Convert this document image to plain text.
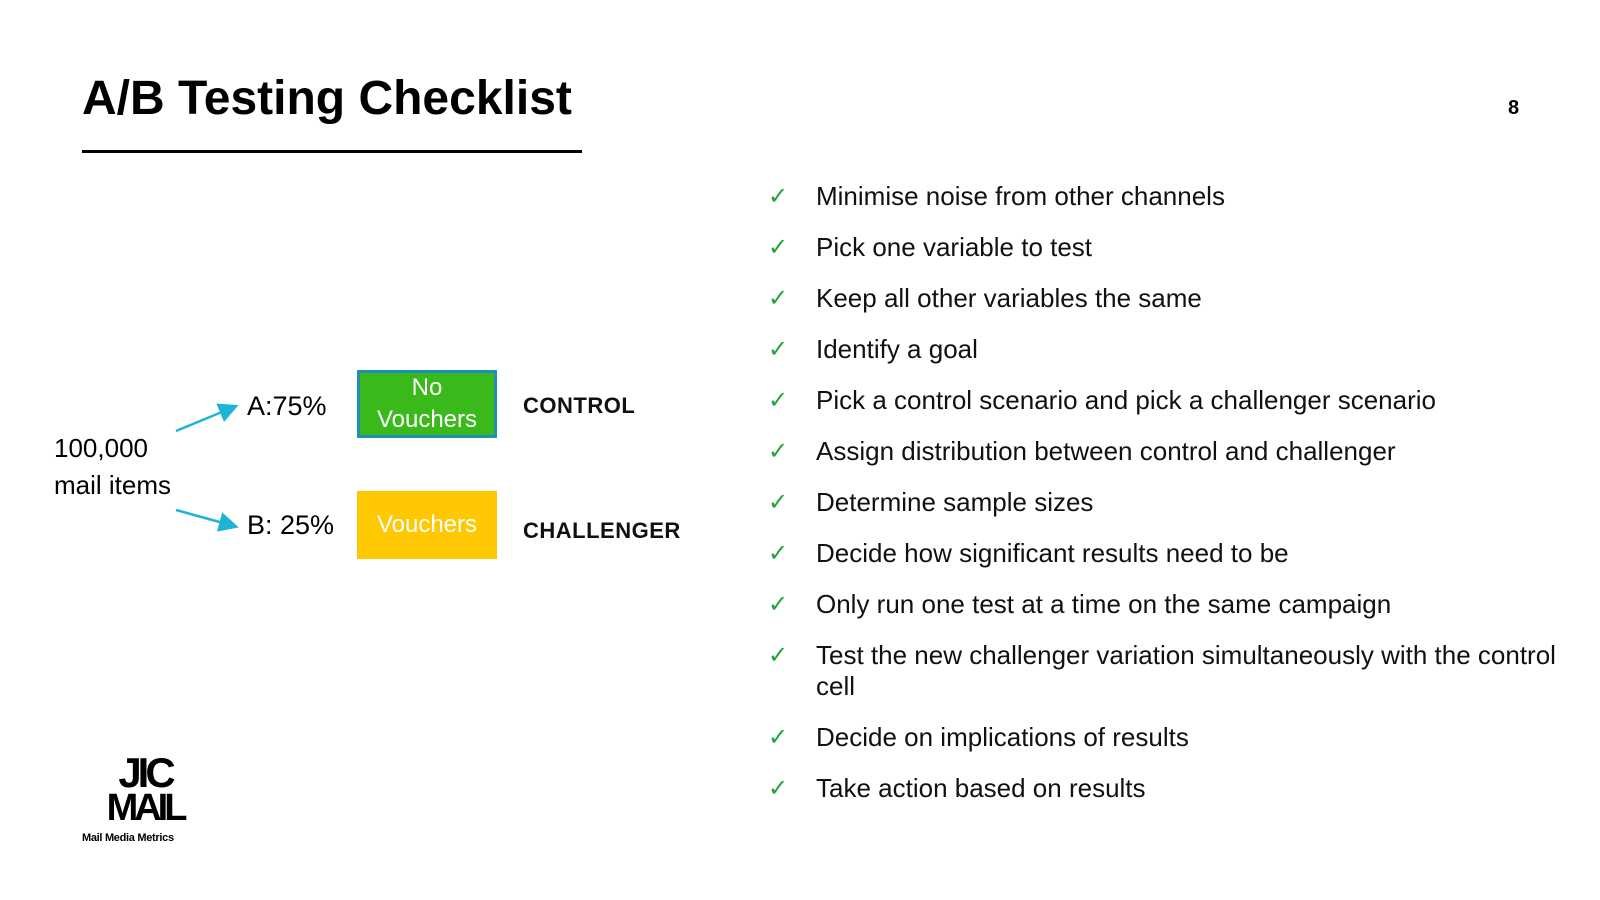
A/B Testing Checklist	8
100,000
mail items
A:75%
B: 25%
No
Vouchers
Vouchers
CONTROL
CHALLENGER
✓	Minimise noise from other channels
✓	Pick one variable to test
✓	Keep all other variables the same
✓	Identify a goal
✓	Pick a control scenario and pick a challenger scenario
✓	Assign distribution between control and challenger
✓	Determine sample sizes
✓	Decide how significant results need to be
✓	Only run one test at a time on the same campaign
✓	Test the new challenger variation simultaneously with the control cell
✓	Decide on implications of results
✓	Take action based on results
JIC
MAIL
Mail Media Metrics
